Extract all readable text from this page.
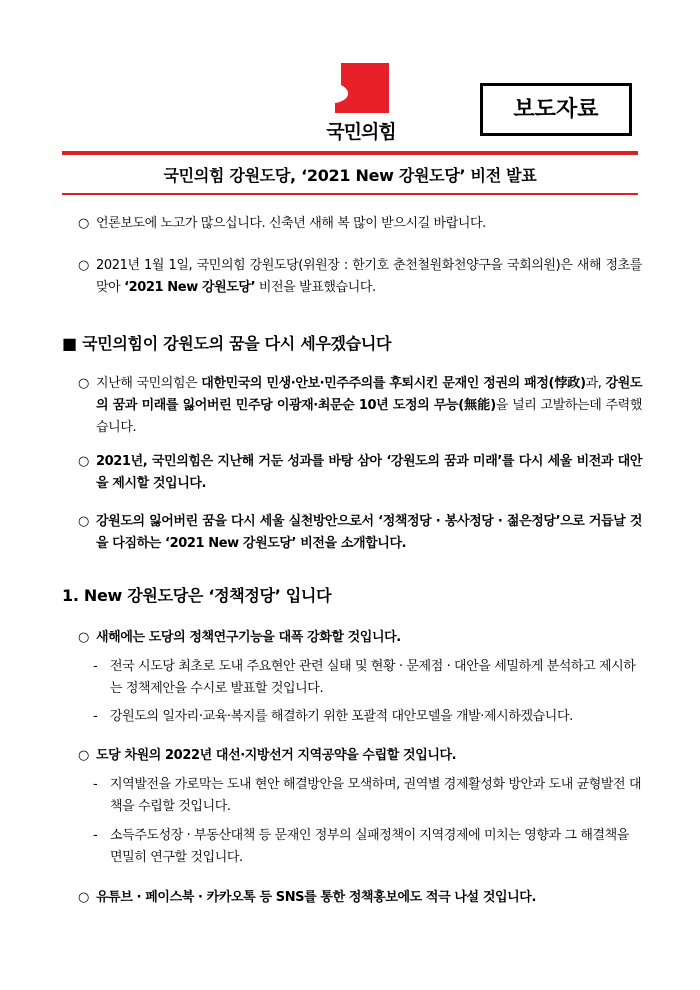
국민의힘
보도자료
국민의힘 강원도당, ‘2021 New 강원도당’ 비전 발표
○ 언론보도에 노고가 많으십니다. 신축년 새해 복 많이 받으시길 바랍니다.
○ 2021년 1월 1일, 국민의힘 강원도당(위원장 : 한기호 춘천철원화천양구을 국회의원)은 새해 정초를 맞아 ‘2021 New 강원도당’ 비전을 발표했습니다.
■ 국민의힘이 강원도의 꿈을 다시 세우겠습니다
○ 지난해 국민의힘은 대한민국의 민생·안보·민주주의를 후퇴시킨 문재인 정권의 패정(悖政)과, 강원도의 꿈과 미래를 잃어버린 민주당 이광재·최문순 10년 도정의 무능(無能)을 널리 고발하는데 주력했습니다.
○ 2021년, 국민의힘은 지난해 거둔 성과를 바탕 삼아 ‘강원도의 꿈과 미래’를 다시 세울 비전과 대안을 제시할 것입니다.
○ 강원도의 잃어버린 꿈을 다시 세울 실천방안으로서 ‘정책정당 · 봉사정당 · 젊은정당’으로 거듭날 것을 다짐하는 ‘2021 New 강원도당’ 비전을 소개합니다.
1. New 강원도당은 ‘정책정당’ 입니다
○ 새해에는 도당의 정책연구기능을 대폭 강화할 것입니다.
- 전국 시도당 최초로 도내 주요현안 관련 실태 및 현황 · 문제점 · 대안을 세밀하게 분석하고 제시하는 정책제안을 수시로 발표할 것입니다.
- 강원도의 일자리·교육·복지를 해결하기 위한 포괄적 대안모델을 개발·제시하겠습니다.
○ 도당 차원의 2022년 대선·지방선거 지역공약을 수립할 것입니다.
- 지역발전을 가로막는 도내 현안 해결방안을 모색하며, 권역별 경제활성화 방안과 도내 균형발전 대책을 수립할 것입니다.
- 소득주도성장 · 부동산대책 등 문재인 정부의 실패정책이 지역경제에 미치는 영향과 그 해결책을 면밀히 연구할 것입니다.
○ 유튜브 · 페이스북 · 카카오톡 등 SNS를 통한 정책홍보에도 적극 나설 것입니다.
